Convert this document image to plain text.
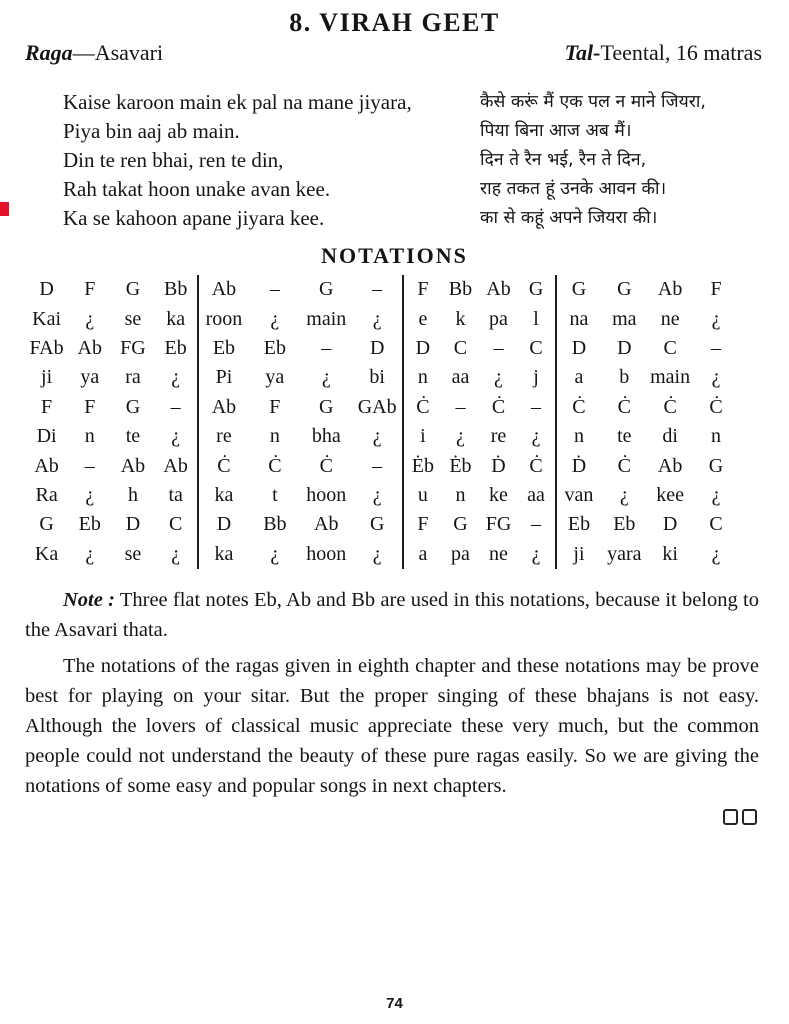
8. VIRAH GEET
Raga—Asavari	Tal-Teental, 16 matras
Kaise karoon main ek pal na mane jiyara,
Piya bin aaj ab main.
Din te ren bhai, ren te din,
Rah takat hoon unake avan kee.
Ka se kahoon apane jiyara kee.
कैसे करूं मैं एक पल न माने जियरा,
पिया बिना आज अब मैं।
दिन ते रैन भई, रैन ते दिन,
राह तकत हूं उनके आवन की।
का से कहूं अपने जियरा की।
NOTATIONS
D	F	G	Bb	Ab	–	G	–	F	Bb	Ab	G	G	G	Ab	F
Kai	¿	se	ka	roon	¿	main	¿	e	k	pa	l	na	ma	ne	¿
FAb	Ab	FG	Eb	Eb	Eb	–	D	D	C	–	C	D	D	C	–
ji	ya	ra	¿	Pi	ya	¿	bi	n	aa	¿	j	a	b	main	¿
F	F	G	–	Ab	F	G	GAb	Ċ	–	Ċ	–	Ċ	Ċ	Ċ	Ċ
Di	n	te	¿	re	n	bha	¿	i	¿	re	¿	n	te	di	n
Ab	–	Ab	Ab	Ċ	Ċ	Ċ	–	Ėb	Ėb	Ḋ	Ċ	Ḋ	Ċ	Ab	G
Ra	¿	h	ta	ka	t	hoon	¿	u	n	ke	aa	van	¿	kee	¿
G	Eb	D	C	D	Bb	Ab	G	F	G	FG	–	Eb	Eb	D	C
Ka	¿	se	¿	ka	¿	hoon	¿	a	pa	ne	¿	ji	yara	ki	¿
Note : Three flat notes Eb, Ab and Bb are used in this notations, because it belong to the Asavari thata.
The notations of the ragas given in eighth chapter and these notations may be prove best for playing on your sitar. But the proper singing of these bhajans is not easy. Although the lovers of classical music appreciate these very much, but the common people could not understand the beauty of these pure ragas easily. So we are giving the notations of some easy and popular songs in next chapters.
74
